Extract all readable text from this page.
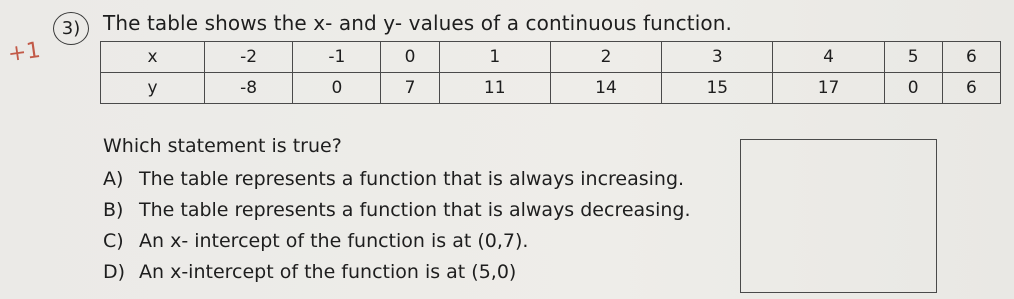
+1
3) The table shows the x- and y- values of a continuous function.
x	-2	-1	0	1	2	3	4	5	6
y	-8	0	7	11	14	15	17	0	6
Which statement is true?
A) The table represents a function that is always increasing.
B) The table represents a function that is always decreasing.
C) An x- intercept of the function is at (0,7).
D) An x-intercept of the function is at (5,0)
